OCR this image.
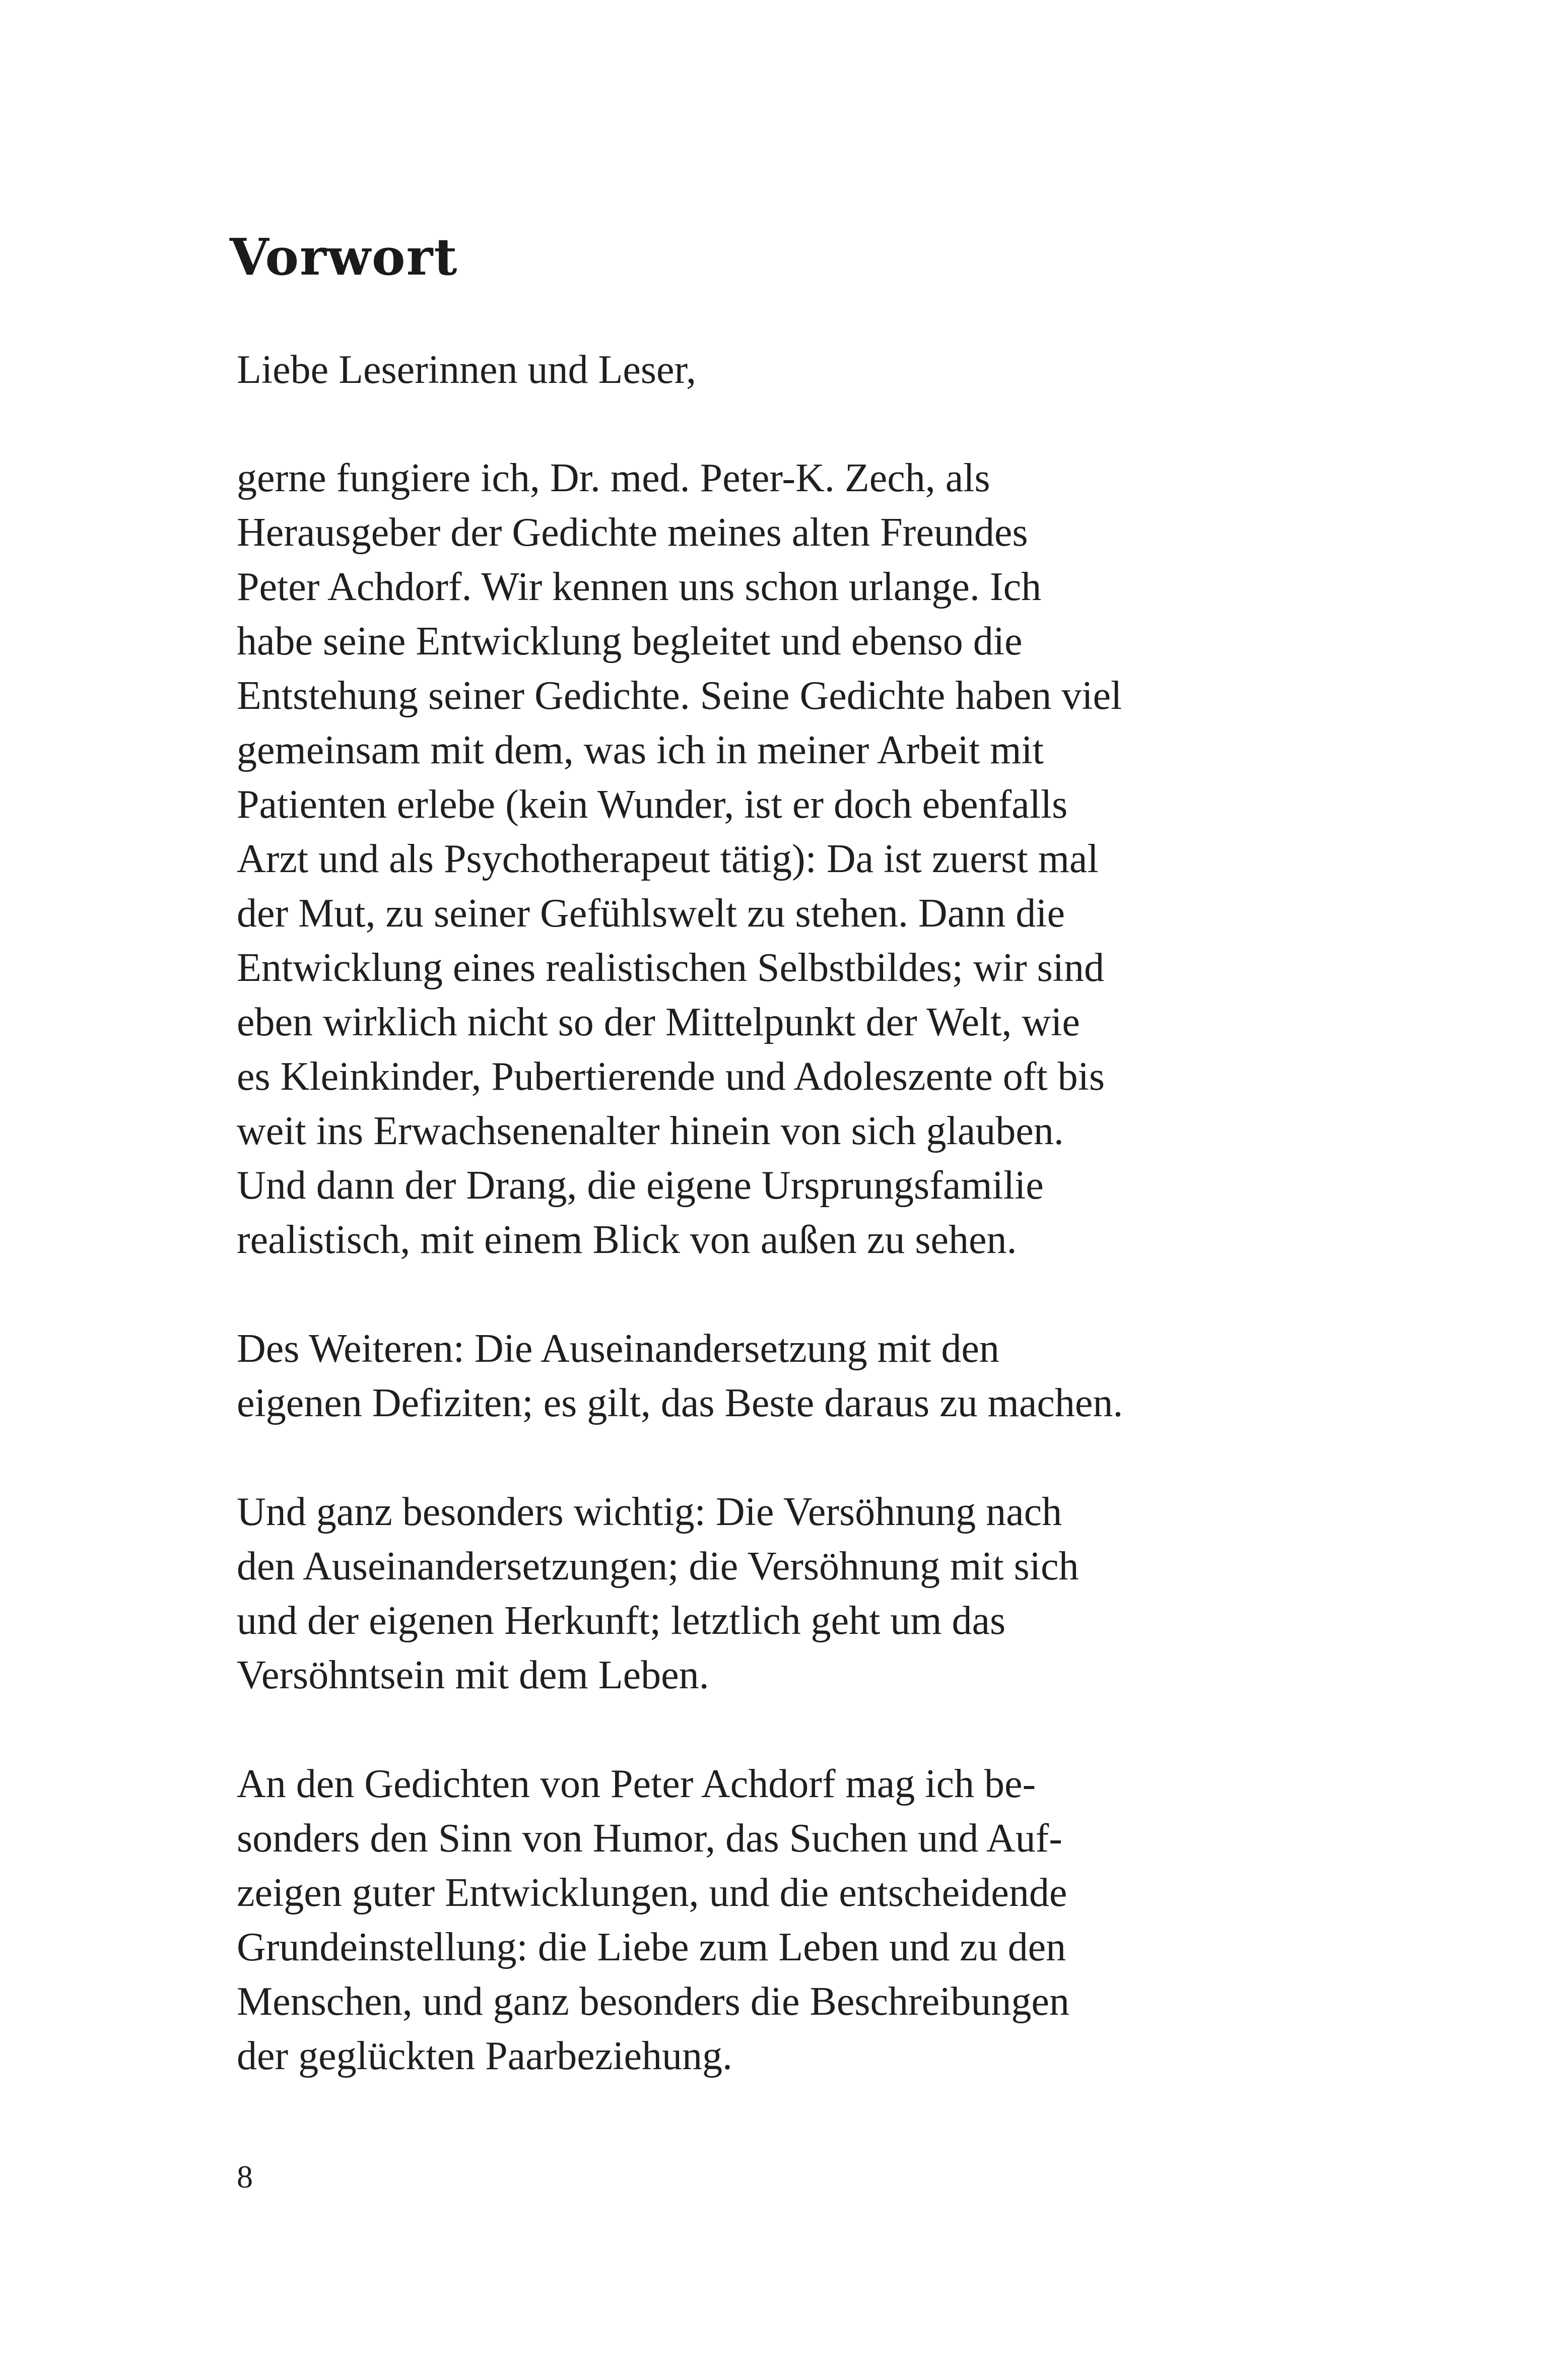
Vorwort

Liebe Leserinnen und Leser,

gerne fungiere ich, Dr. med. Peter-K. Zech, als

Herausgeber der Gedichte meines alten Freundes

Peter Achdorf. Wir kennen uns schon urlange. Ich

habe seine Entwicklung begleitet und ebenso die

Entstehung seiner Gedichte. Seine Gedichte haben viel

gemeinsam mit dem, was ich in meiner Arbeit mit

Patienten erlebe (kein Wunder, ist er doch ebenfalls

Arzt und als Psychotherapeut tätig): Da ist zuerst mal

der Mut, zu seiner Gefühlswelt zu stehen. Dann die

Entwicklung eines realistischen Selbstbildes; wir sind

eben wirklich nicht so der Mittelpunkt der Welt, wie

es Kleinkinder, Pubertierende und Adoleszente oft bis

weit ins Erwachsenenalter hinein von sich glauben.

Und dann der Drang, die eigene Ursprungsfamilie

realistisch, mit einem Blick von außen zu sehen.

Des Weiteren: Die Auseinandersetzung mit den

eigenen Defiziten; es gilt, das Beste daraus zu machen.

Und ganz besonders wichtig: Die Versöhnung nach

den Auseinandersetzungen; die Versöhnung mit sich

und der eigenen Herkunft; letztlich geht um das

Versöhntsein mit dem Leben.

An den Gedichten von Peter Achdorf mag ich be-

sonders den Sinn von Humor, das Suchen und Auf-

zeigen guter Entwicklungen, und die entscheidende

Grundeinstellung: die Liebe zum Leben und zu den

Menschen, und ganz besonders die Beschreibungen

der geglückten Paarbeziehung.

8
